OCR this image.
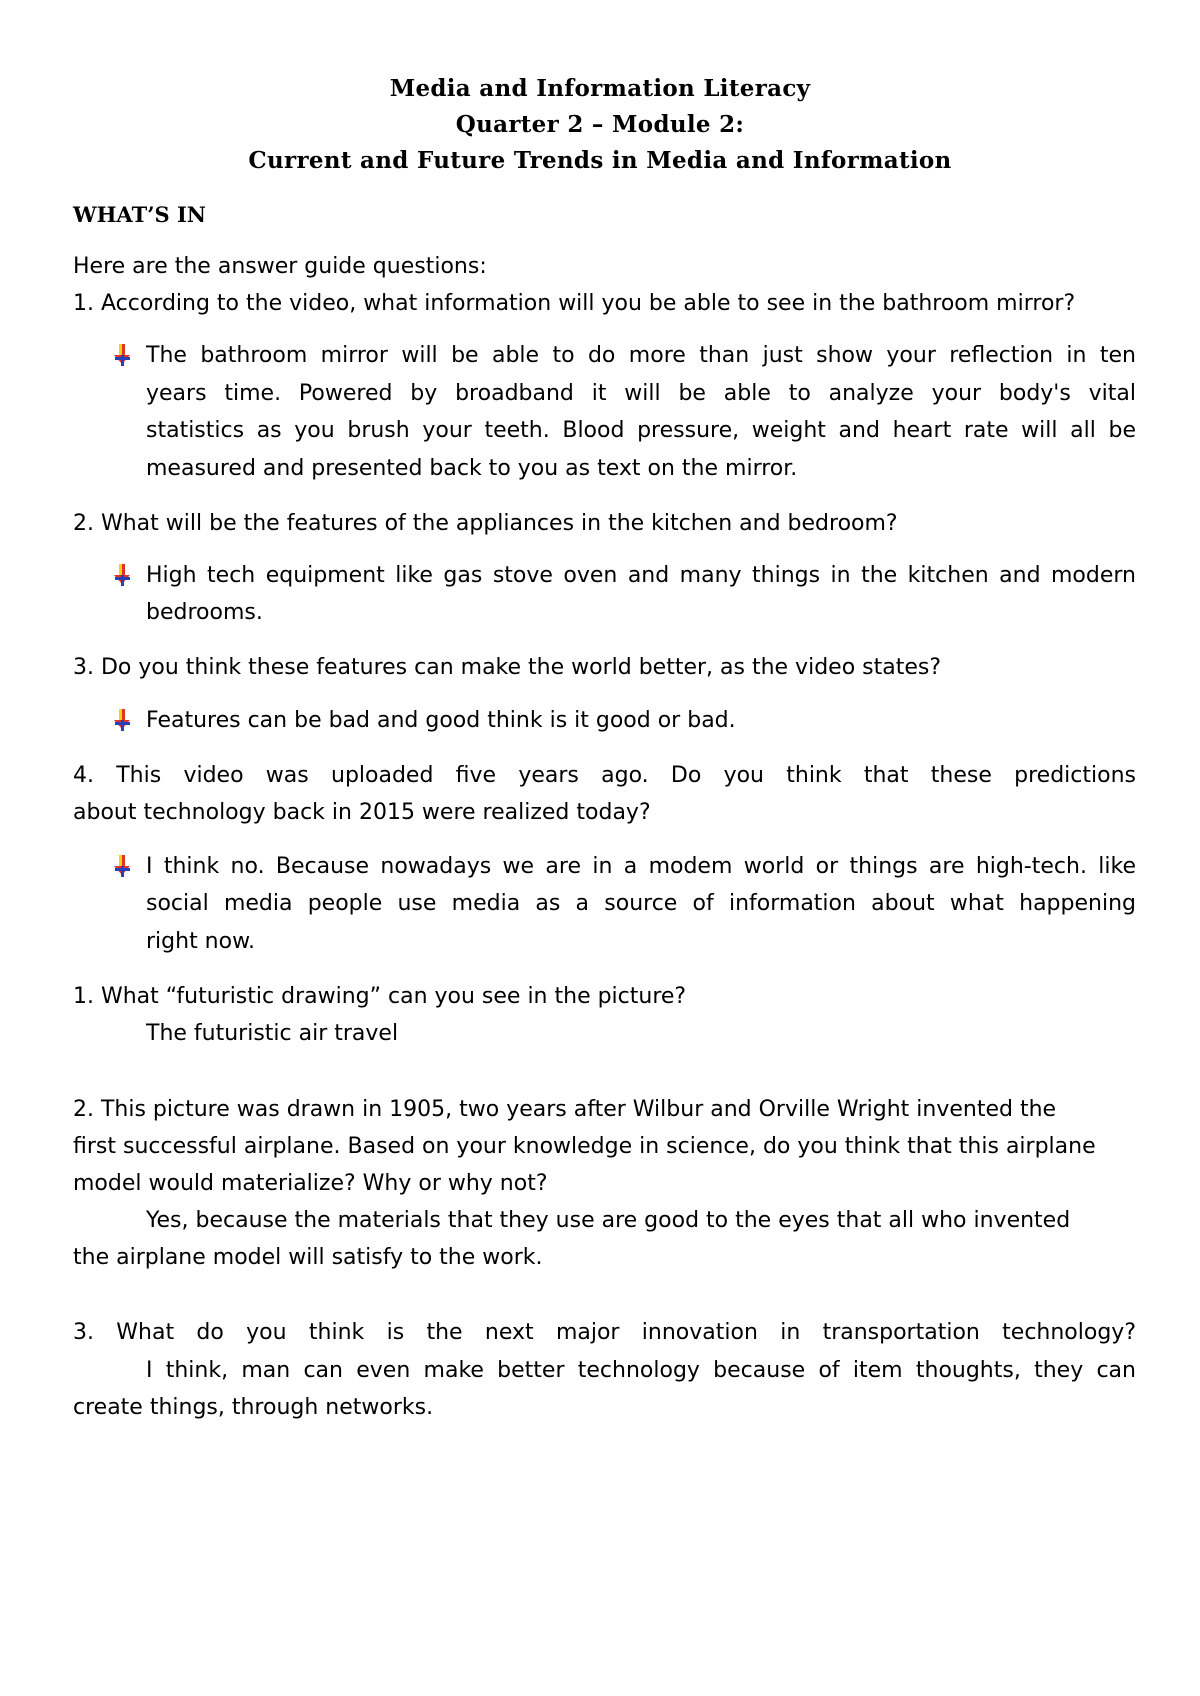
Media and Information Literacy
Quarter 2 – Module 2:
Current and Future Trends in Media and Information
WHAT’S IN
Here are the answer guide questions:
1. According to the video, what information will you be able to see in the bathroom mirror?
The bathroom mirror will be able to do more than just show your reflection in ten
years time. Powered by broadband it will be able to analyze your body's vital
statistics as you brush your teeth. Blood pressure, weight and heart rate will all be
measured and presented back to you as text on the mirror.
2. What will be the features of the appliances in the kitchen and bedroom?
High tech equipment like gas stove oven and many things in the kitchen and modern
bedrooms.
3. Do you think these features can make the world better, as the video states?
Features can be bad and good think is it good or bad.
4. This video was uploaded five years ago. Do you think that these predictions
about technology back in 2015 were realized today?
I think no. Because nowadays we are in a modem world or things are high-tech. like
social media people use media as a source of information about what happening
right now.
1. What “futuristic drawing” can you see in the picture?
The futuristic air travel
2. This picture was drawn in 1905, two years after Wilbur and Orville Wright invented the
first successful airplane. Based on your knowledge in science, do you think that this airplane
model would materialize? Why or why not?
Yes, because the materials that they use are good to the eyes that all who invented
the airplane model will satisfy to the work.
3. What do you think is the next major innovation in transportation technology?
I think, man can even make better technology because of item thoughts, they can
create things, through networks.
